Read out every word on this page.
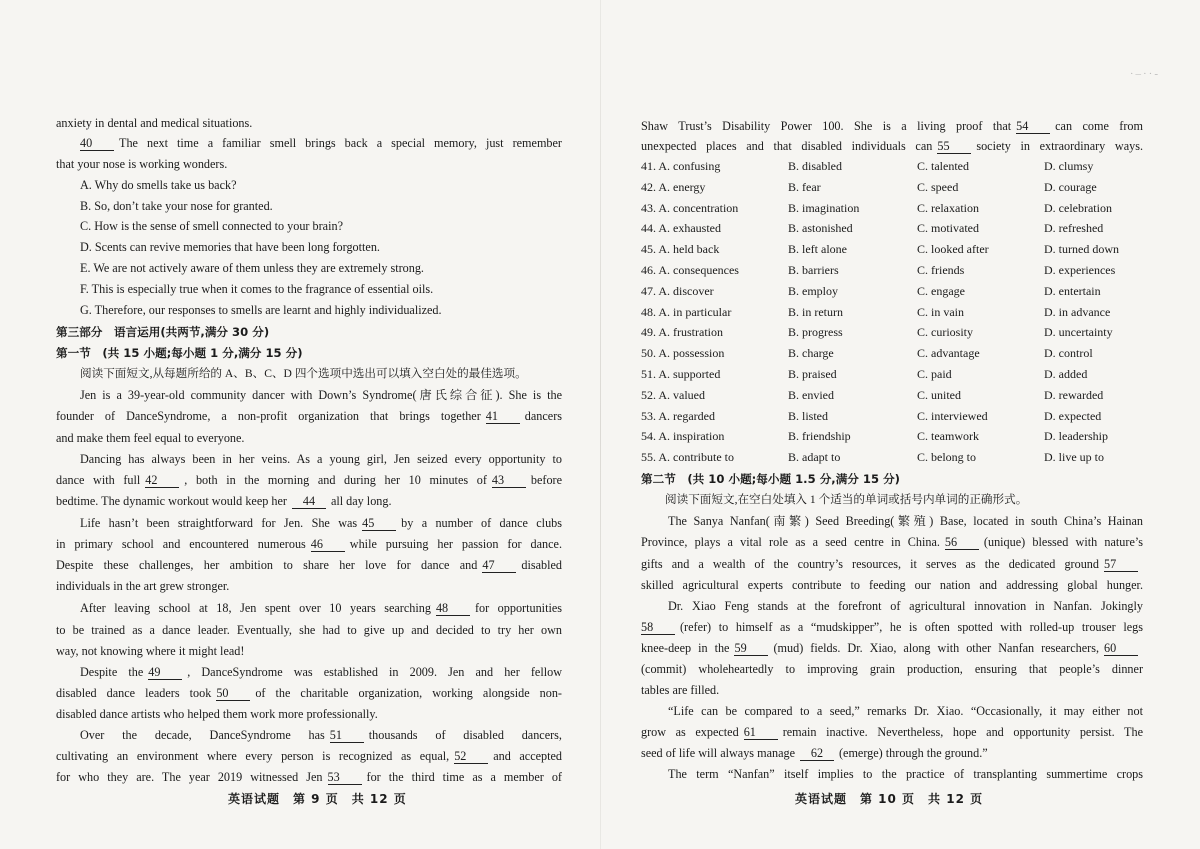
·–··‑
anxiety in dental and medical situations.
40 The next time a familiar smell brings back a special memory, just remember
that your nose is working wonders.
A. Why do smells take us back?
B. So, don’t take your nose for granted.
C. How is the sense of smell connected to your brain?
D. Scents can revive memories that have been long forgotten.
E. We are not actively aware of them unless they are extremely strong.
F. This is especially true when it comes to the fragrance of essential oils.
G. Therefore, our responses to smells are learnt and highly individualized.
第三部分　语言运用(共两节,满分 30 分)
第一节　(共 15 小题;每小题 1 分,满分 15 分)
阅读下面短文,从每题所给的 A、B、C、D 四个选项中选出可以填入空白处的最佳选项。
Jen is a 39-year-old community dancer with Down’s Syndrome(唐氏综合征). She is the
founder of DanceSyndrome, a non-profit organization that brings together 41 dancers
and make them feel equal to everyone.
Dancing has always been in her veins. As a young girl, Jen seized every opportunity to
dance with full 42 , both in the morning and during her 10 minutes of 43 before
bedtime. The dynamic workout would keep her 44 all day long.
Life hasn’t been straightforward for Jen. She was 45 by a number of dance clubs
in primary school and encountered numerous 46 while pursuing her passion for dance.
Despite these challenges, her ambition to share her love for dance and 47 disabled
individuals in the art grew stronger.
After leaving school at 18, Jen spent over 10 years searching 48 for opportunities
to be trained as a dance leader. Eventually, she had to give up and decided to try her own
way, not knowing where it might lead!
Despite the 49 , DanceSyndrome was established in 2009. Jen and her fellow
disabled dance leaders took 50 of the charitable organization, working alongside non-
disabled dance artists who helped them work more professionally.
Over the decade, DanceSyndrome has 51 thousands of disabled dancers,
cultivating an environment where every person is recognized as equal, 52 and accepted
for who they are. The year 2019 witnessed Jen 53 for the third time as a member of
英语试题　第 9 页　共 12 页
Shaw Trust’s Disability Power 100. She is a living proof that 54 can come from
unexpected places and that disabled individuals can 55 society in extraordinary ways.
41. A. confusing	B. disabled	C. talented	D. clumsy
42. A. energy	B. fear	C. speed	D. courage
43. A. concentration	B. imagination	C. relaxation	D. celebration
44. A. exhausted	B. astonished	C. motivated	D. refreshed
45. A. held back	B. left alone	C. looked after	D. turned down
46. A. consequences	B. barriers	C. friends	D. experiences
47. A. discover	B. employ	C. engage	D. entertain
48. A. in particular	B. in return	C. in vain	D. in advance
49. A. frustration	B. progress	C. curiosity	D. uncertainty
50. A. possession	B. charge	C. advantage	D. control
51. A. supported	B. praised	C. paid	D. added
52. A. valued	B. envied	C. united	D. rewarded
53. A. regarded	B. listed	C. interviewed	D. expected
54. A. inspiration	B. friendship	C. teamwork	D. leadership
55. A. contribute to	B. adapt to	C. belong to	D. live up to
第二节　(共 10 小题;每小题 1.5 分,满分 15 分)
阅读下面短文,在空白处填入 1 个适当的单词或括号内单词的正确形式。
The Sanya Nanfan(南繁) Seed Breeding(繁殖) Base, located in south China’s Hainan
Province, plays a vital role as a seed centre in China. 56 (unique) blessed with nature’s
gifts and a wealth of the country’s resources, it serves as the dedicated ground 57
skilled agricultural experts contribute to feeding our nation and addressing global hunger.
Dr. Xiao Feng stands at the forefront of agricultural innovation in Nanfan. Jokingly
58 (refer) to himself as a “mudskipper”, he is often spotted with rolled-up trouser legs
knee-deep in the 59 (mud) fields. Dr. Xiao, along with other Nanfan researchers, 60
(commit) wholeheartedly to improving grain production, ensuring that people’s dinner
tables are filled.
“Life can be compared to a seed,” remarks Dr. Xiao. “Occasionally, it may either not
grow as expected 61 remain inactive. Nevertheless, hope and opportunity persist. The
seed of life will always manage 62 (emerge) through the ground.”
The term “Nanfan” itself implies to the practice of transplanting summertime crops
英语试题　第 10 页　共 12 页
